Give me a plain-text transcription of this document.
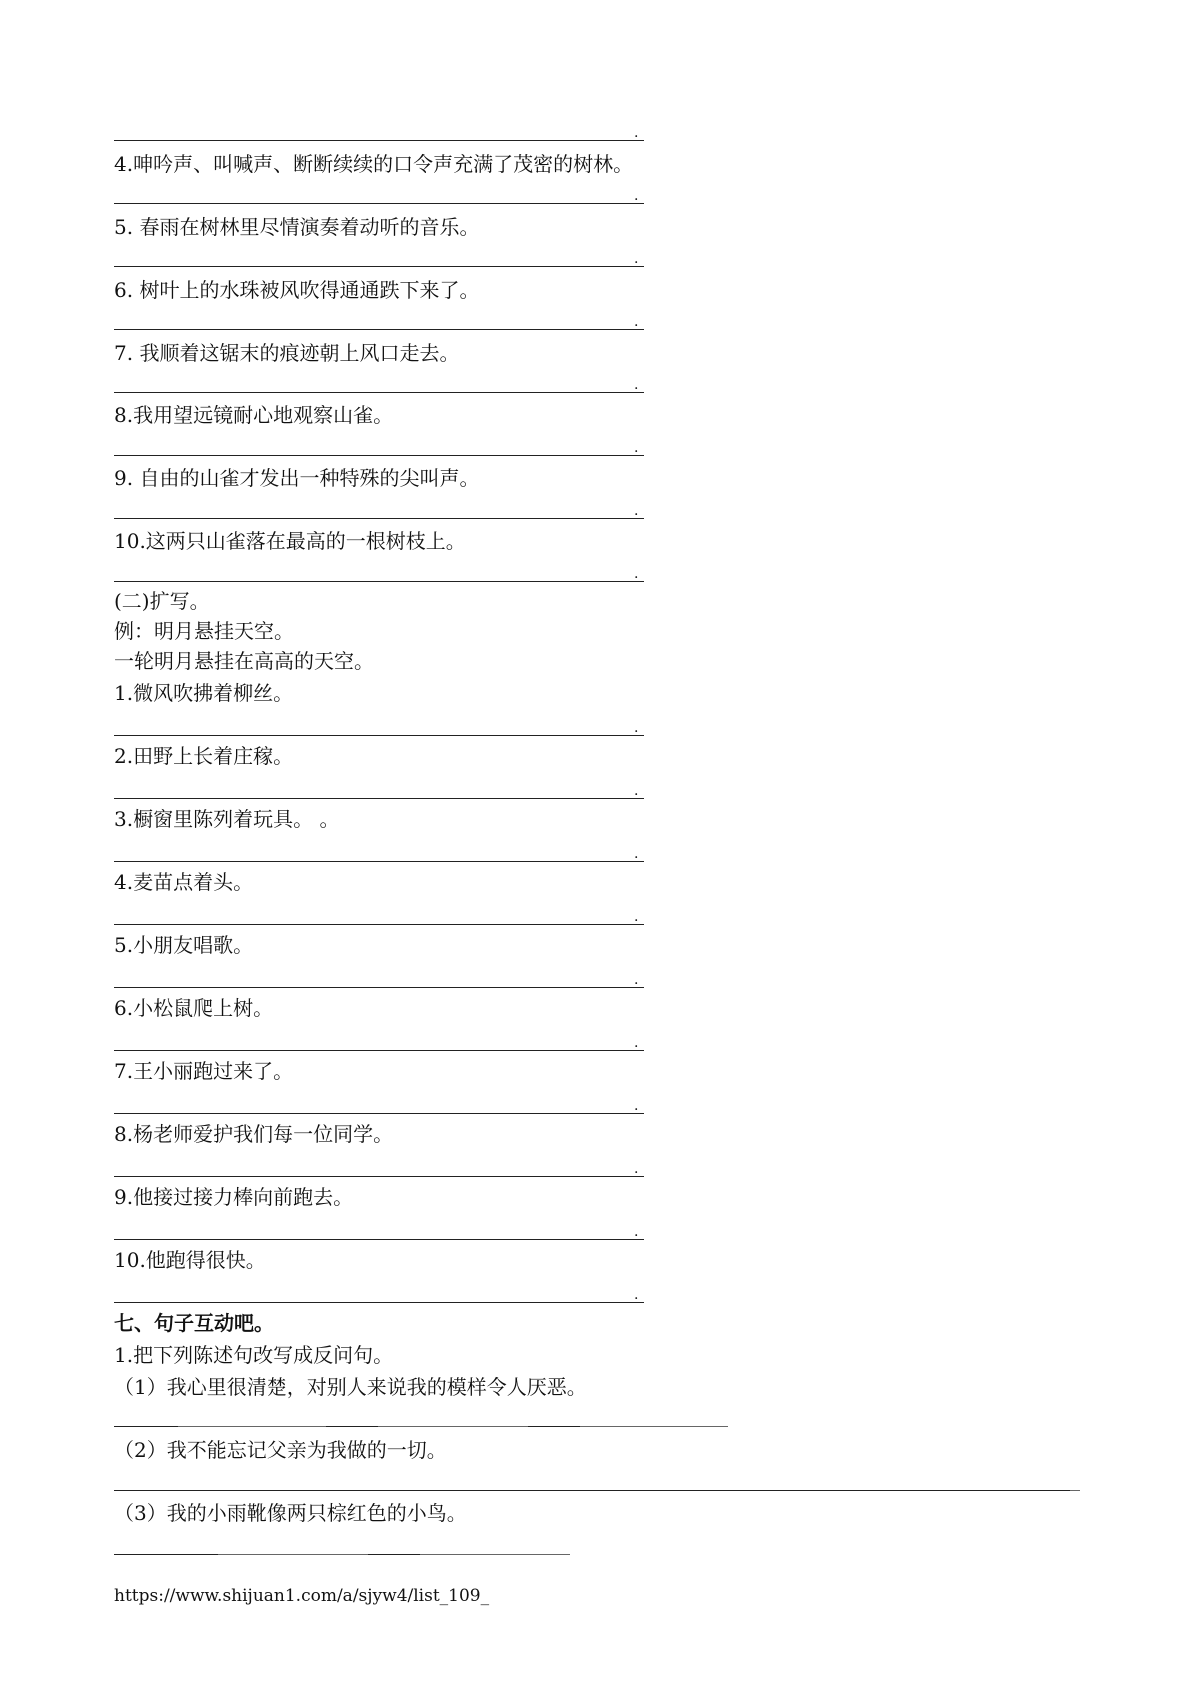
.
4.呻吟声、叫喊声、断断续续的口令声充满了茂密的树林。
.
5. 春雨在树林里尽情演奏着动听的音乐。
.
6. 树叶上的水珠被风吹得通通跌下来了。
.
7. 我顺着这锯末的痕迹朝上风口走去。
.
8.我用望远镜耐心地观察山雀。
.
9. 自由的山雀才发出一种特殊的尖叫声。
.
10.这两只山雀落在最高的一根树枝上。
.
(二)扩写。
例：明月悬挂天空。
一轮明月悬挂在高高的天空。
1.微风吹拂着柳丝。
.
2.田野上长着庄稼。
.
3.橱窗里陈列着玩具。 。
.
4.麦苗点着头。
.
5.小朋友唱歌。
.
6.小松鼠爬上树。
.
7.王小丽跑过来了。
.
8.杨老师爱护我们每一位同学。
.
9.他接过接力棒向前跑去。
.
10.他跑得很快。
.
七、句子互动吧。
1.把下列陈述句改写成反问句。
（1）我心里很清楚，对别人来说我的模样令人厌恶。
（2）我不能忘记父亲为我做的一切。
（3）我的小雨靴像两只棕红色的小鸟。
https://www.shijuan1.com/a/sjyw4/list_109_
